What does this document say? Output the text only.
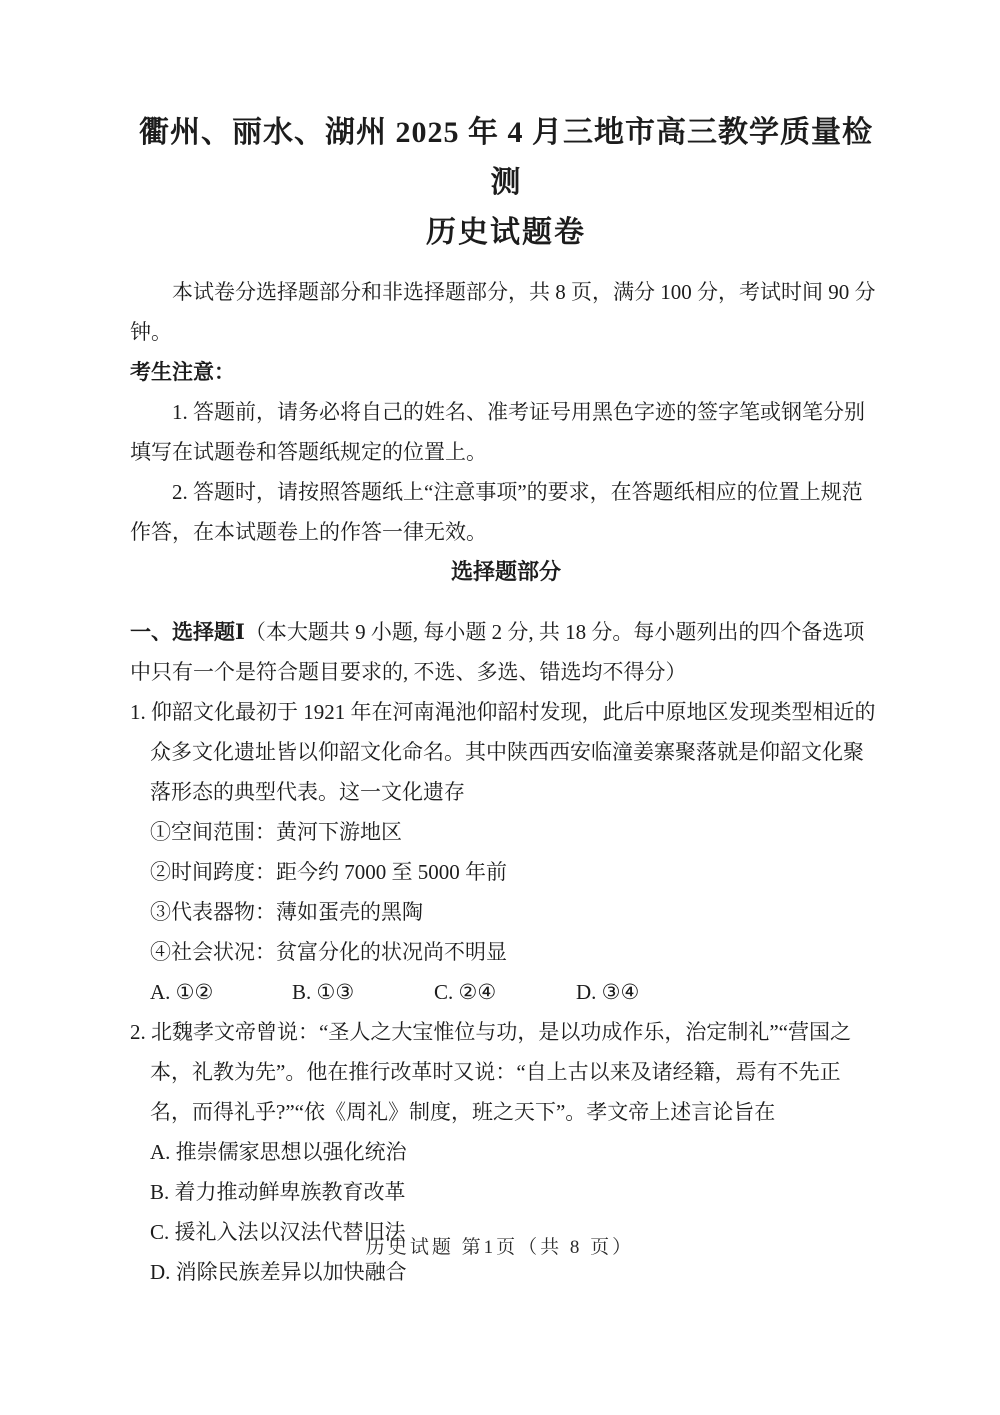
衢州、丽水、湖州 2025 年 4 月三地市高三教学质量检测
历史试题卷

本试卷分选择题部分和非选择题部分，共 8 页，满分 100 分，考试时间 90 分钟。

考生注意：

1. 答题前，请务必将自己的姓名、准考证号用黑色字迹的签字笔或钢笔分别填写在试题卷和答题纸规定的位置上。

2. 答题时，请按照答题纸上“注意事项”的要求，在答题纸相应的位置上规范作答，在本试题卷上的作答一律无效。

选择题部分

一、选择题Ⅰ（本大题共 9 小题, 每小题 2 分, 共 18 分。每小题列出的四个备选项中只有一个是符合题目要求的, 不选、多选、错选均不得分）

1. 仰韶文化最初于 1921 年在河南渑池仰韶村发现，此后中原地区发现类型相近的众多文化遗址皆以仰韶文化命名。其中陕西西安临潼姜寨聚落就是仰韶文化聚落形态的典型代表。这一文化遗存

①空间范围：黄河下游地区

②时间跨度：距今约 7000 至 5000 年前

③代表器物：薄如蛋壳的黑陶

④社会状况：贫富分化的状况尚不明显

A. ①②	B. ①③	C. ②④	D. ③④

2. 北魏孝文帝曾说：“圣人之大宝惟位与功，是以功成作乐，治定制礼”“营国之本，礼教为先”。他在推行改革时又说：“自上古以来及诸经籍，焉有不先正名，而得礼乎?”“依《周礼》制度，班之天下”。孝文帝上述言论旨在

A. 推崇儒家思想以强化统治

B. 着力推动鲜卑族教育改革

C. 援礼入法以汉法代替旧法

D. 消除民族差异以加快融合

历史试题 第1页（共 8 页）
